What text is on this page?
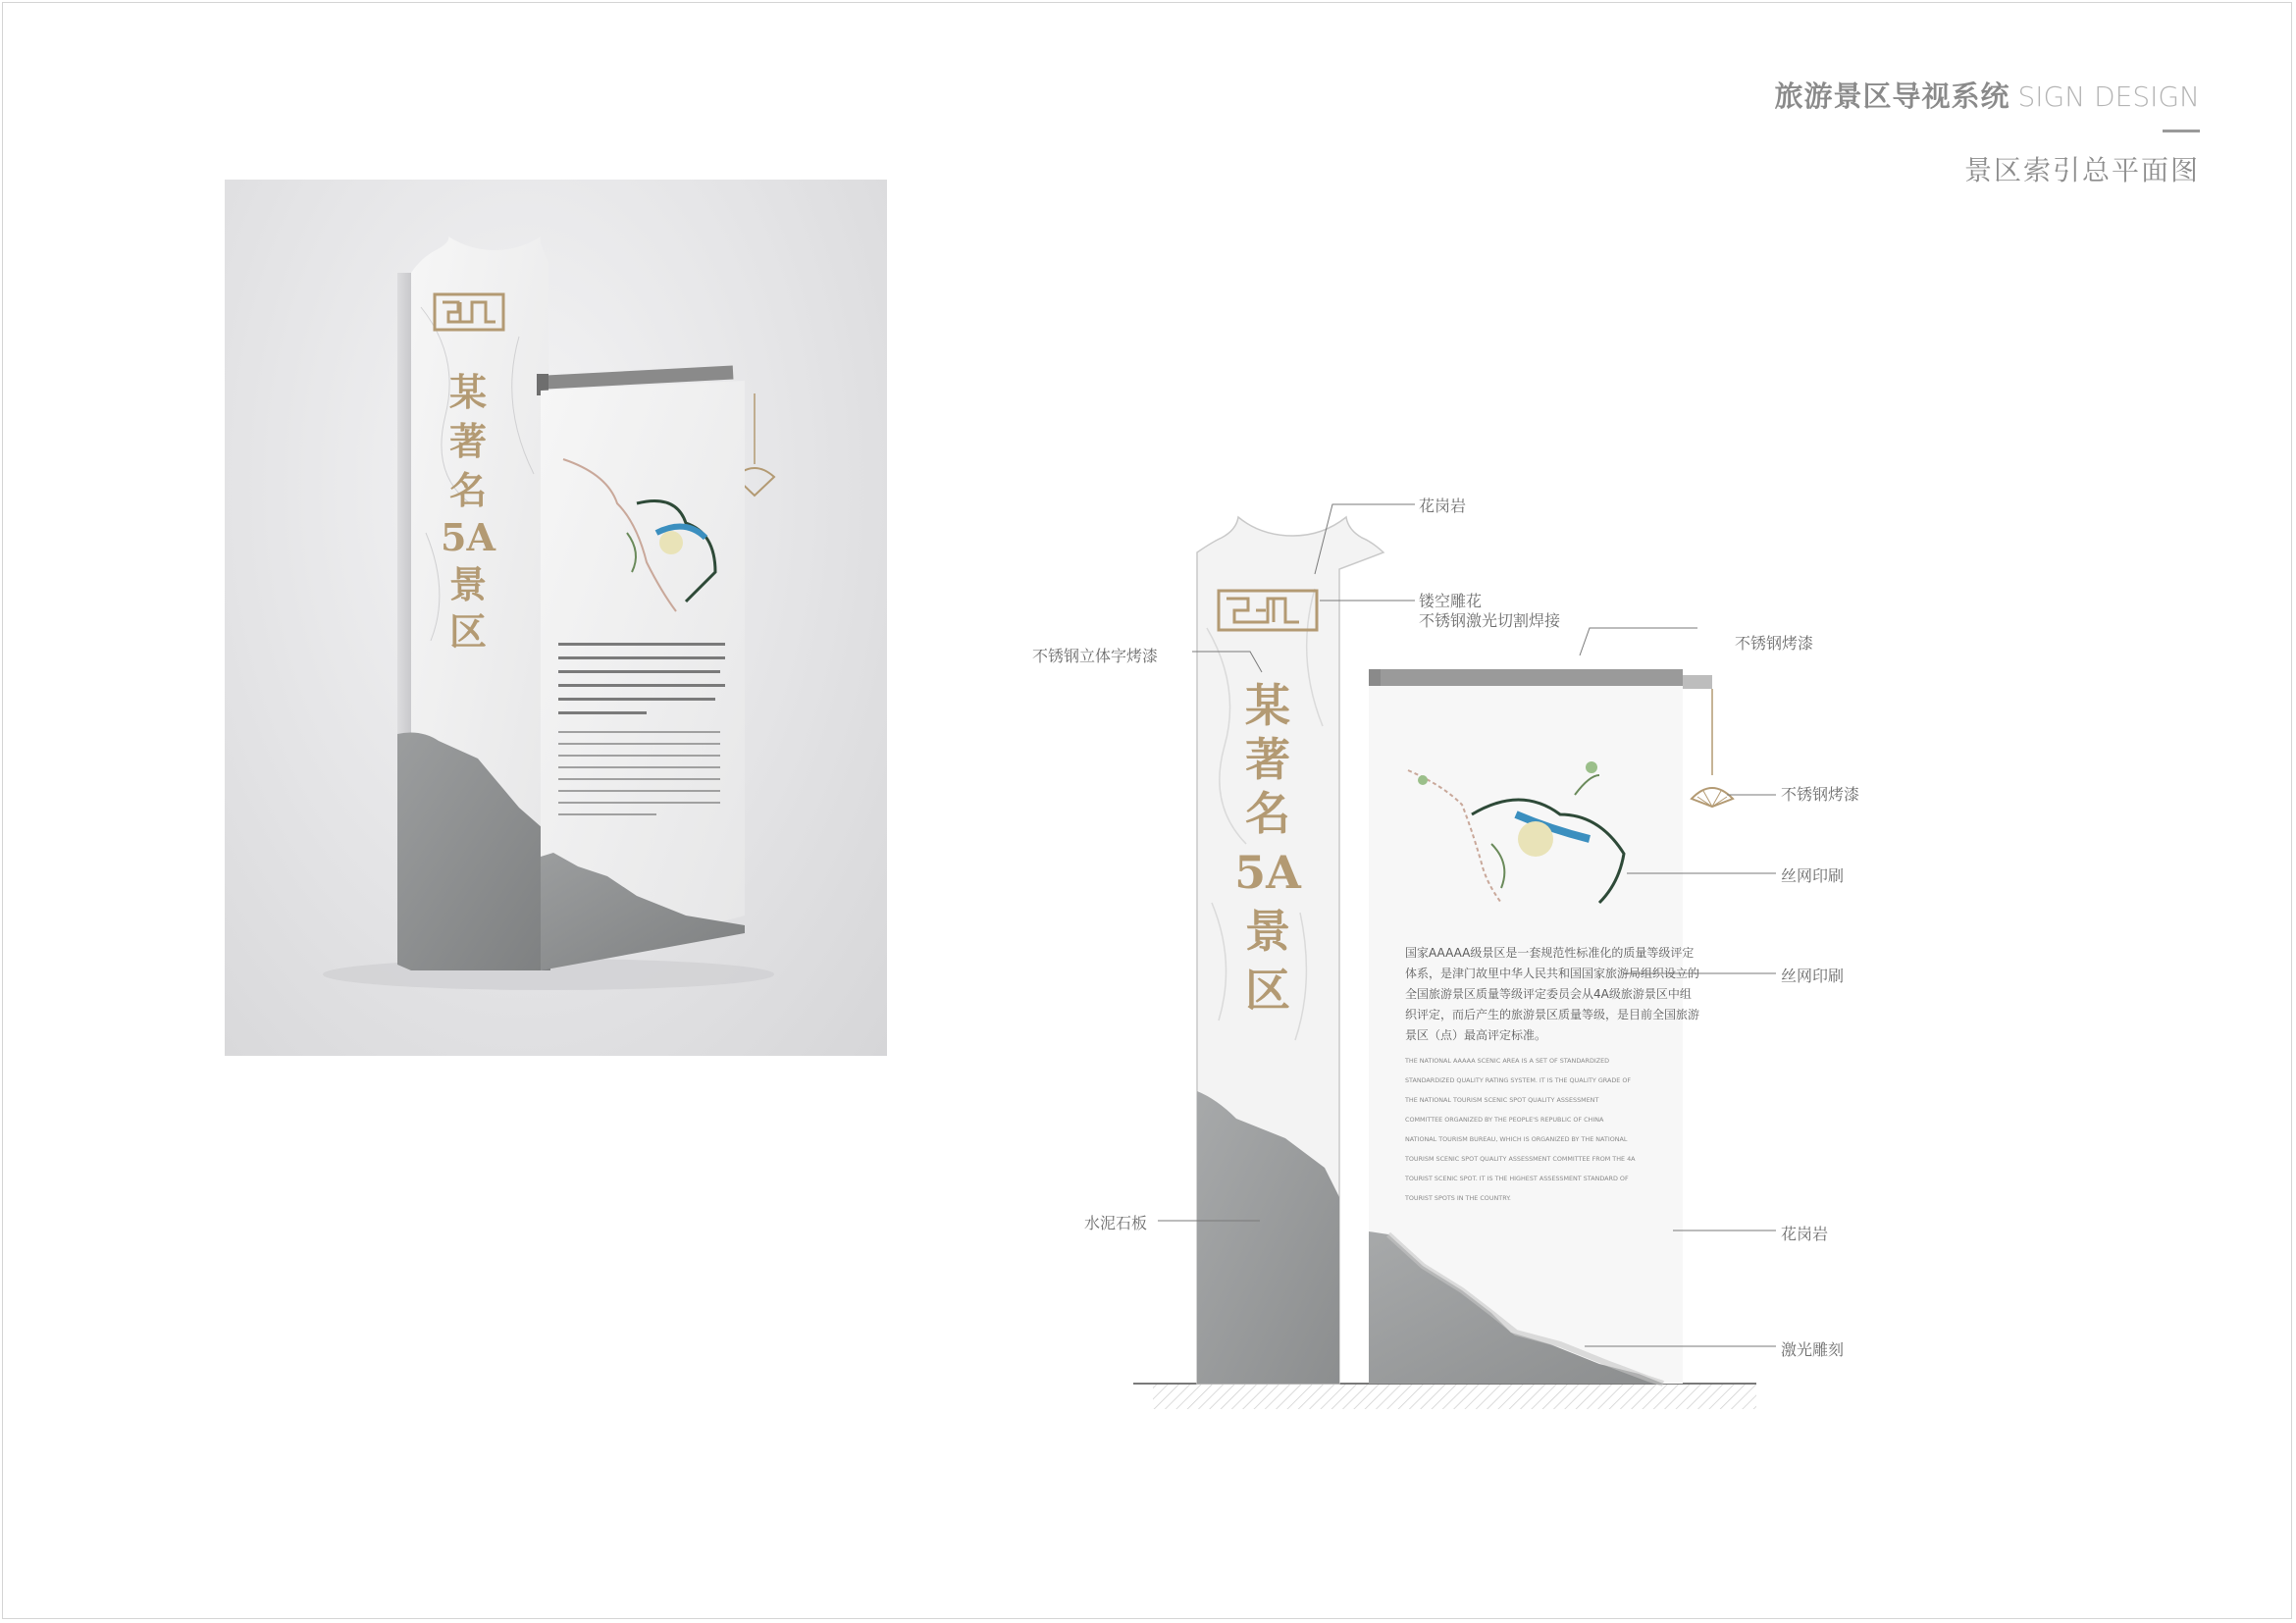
旅游景区导视系统 SIGN DESIGN
景区索引总平面图
某
著
名
5A
景
区
某
著
名
5A
景
区
国家AAAAA级景区是一套规范性标准化的质量等级评定
体系，是津门故里中华人民共和国国家旅游局组织设立的
全国旅游景区质量等级评定委员会从4A级旅游景区中组
织评定，而后产生的旅游景区质量等级，是目前全国旅游
景区（点）最高评定标准。
THE NATIONAL AAAAA SCENIC AREA IS A SET OF STANDARDIZED
STANDARDIZED QUALITY RATING SYSTEM. IT IS THE QUALITY GRADE OF
THE NATIONAL TOURISM SCENIC SPOT QUALITY ASSESSMENT
COMMITTEE ORGANIZED BY THE PEOPLE'S REPUBLIC OF CHINA
NATIONAL TOURISM BUREAU, WHICH IS ORGANIZED BY THE NATIONAL
TOURISM SCENIC SPOT QUALITY ASSESSMENT COMMITTEE FROM THE 4A
TOURIST SCENIC SPOT. IT IS THE HIGHEST ASSESSMENT STANDARD OF
TOURIST SPOTS IN THE COUNTRY.
花岗岩
镂空雕花
不锈钢激光切割焊接
不锈钢立体字烤漆
不锈钢烤漆
不锈钢烤漆
丝网印刷
丝网印刷
水泥石板
花岗岩
激光雕刻
